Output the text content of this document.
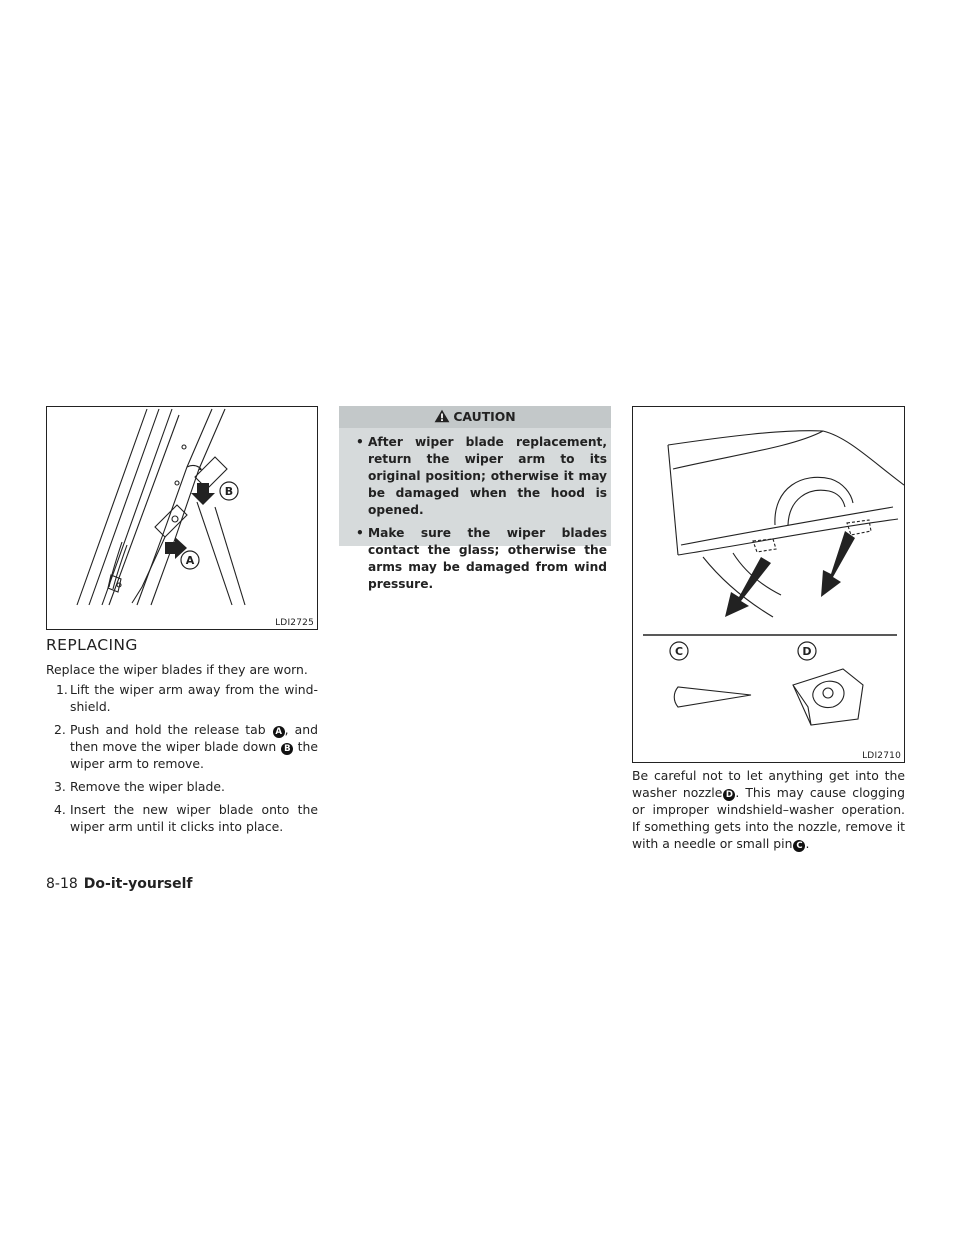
B
A
LDI2725
REPLACING

Replace the wiper blades if they are worn.

1. Lift the wiper arm away from the wind-shield.
2. Push and hold the release tab A , and then move the wiper blade down B the wiper arm to remove.
3. Remove the wiper blade.
4. Insert the new wiper blade onto the wiper arm until it clicks into place.
CAUTION
• After wiper blade replacement, return the wiper arm to its original position; otherwise it may be damaged when the hood is opened.
• Make sure the wiper blades contact the glass; otherwise the arms may be damaged from wind pressure.
C	D
LDI2710

Be careful not to let anything get into the washer nozzle D . This may cause clogging or improper windshield–washer operation. If something gets into the nozzle, remove it with a needle or small pin C .

8-18 Do-it-yourself
